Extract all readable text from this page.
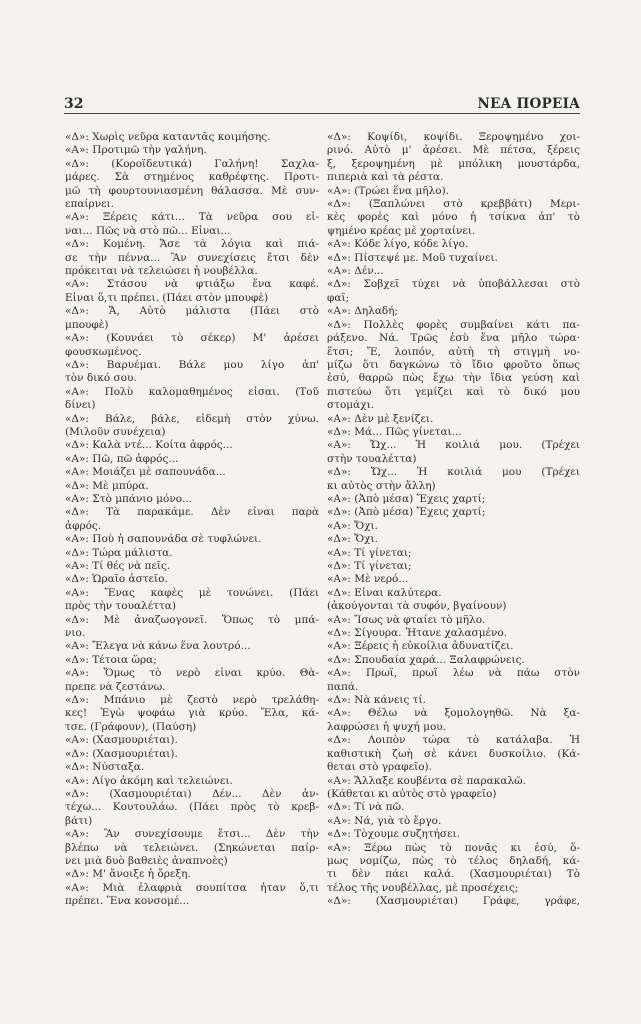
32	ΝΕΑ ΠΟΡΕΙΑ
«Δ»: Χωρὶς νεῦρα καταντᾶς κοιμήσης.
«Α»: Προτιμῶ τὴν γαλήνη.
«Δ»: (Κοροϊδευτικά) Γαλήνη! Σαχλα-
μάρες. Σὰ στημένος καθρέφτης. Προτι-
μῶ τὴ φουρτουνιασμένη θάλασσα. Μὲ συν-
επαίρνει.
«Α»: Ξέρεις κάτι... Τὰ νεῦρα σου εἶ-
ναι... Πῶς νὰ στὸ πῶ... Εἶναι...
«Δ»: Κομένη. Ἄσε τὰ λόγια καὶ πιά-
σε τὴν πέννα... Ἂν συνεχίσεις ἔτσι δὲν
πρόκειται νὰ τελειώσει ἡ νουβέλλα.
«Α»: Στάσου νὰ φτιάξω ἕνα καφέ.
Εἶναι ὅ,τι πρέπει. (Πάει στὸν μπουφὲ)
«Δ»: Ἄ, Αὐτὸ μάλιστα (Πάει στὸ
μπουφὲ)
«Α»: (Κουνάει τὸ σέκερ) Μ' ἀρέσει
φουσκωμένος.
«Δ»: Βαρυέμαι. Βάλε μου λίγο ἀπ'
τὸν δικό σου.
«Α»: Πολὺ καλομαθημένος εἶσαι. (Τοῦ
δίνει)
«Δ»: Βάλε, βάλε, εἰδεμὴ στὸν χύνω.
(Μιλοῦν συνέχεια)
«Δ»: Καλὰ ντέ... Κοίτα ἀφρός...
«Α»: Πῶ, πῶ ἀφρός...
«Α»: Μοιάζει μὲ σαπουνάδα...
«Δ»: Μὲ μπύρα.
«Α»: Στὸ μπάνιο μόνο...
«Δ»: Τὰ παρακάμε. Δὲν εἶναι παρὰ
ἀφρός.
«Α»: Ποὺ ἡ σαπουνάδα σὲ τυφλώνει.
«Δ»: Τώρα μάλιστα.
«Α»: Τί θές νὰ πεῖς.
«Δ»: Ὡραῖο ἀστεῖο.
«Α»: Ἕνας καφὲς μὲ τονώνει. (Πάει
πρὸς τὴν τουαλέττα)
«Δ»: Μὲ ἀναζωογονεῖ. Ὅπως τὸ μπά-
νιο.
«Α»: Ἔλεγα νὰ κάνω ἕνα λουτρό...
«Δ»: Τέτοια ὥρα;
«Α»: Ὅμως τὸ νερὸ εἶναι κρύο. Θὰ-
πρεπε νὰ ζεστάνω.
«Δ»: Μπάνιο μὲ ζεστὸ νερὸ τρελάθη-
κες! Ἐγὼ ψοφάω γιὰ κρύο. Ἔλα, κά-
τσε. (Γράφουν), (Παύση)
«Α»: (Χασμουριέται).
«Δ»: (Χασμουριέται).
«Δ»: Νύσταξα.
«Α»: Λίγο ἀκόμη καὶ τελειώνει.
«Δ»: (Χασμουριέται) Δέν... Δὲν ἀν-
τέχω... Κουτουλάω. (Πάει πρὸς τὸ κρεβ-
βάτι)
«Α»: Ἂν συνεχίσουμε ἔτσι... Δὲν τὴν
βλέπω νὰ τελειώνει. (Σηκώνεται παίρ-
νει μιὰ δυὸ βαθειὲς ἀναπνοὲς)
«Δ»: Μ' ἄνοιξε ἡ ὄρεξη.
«Α»: Μιὰ ἐλαφριὰ σουπίτσα ἦταν ὅ,τι
πρέπει. Ἕνα κονσομέ...
«Δ»: Κοψίδι, κοψίδι. Ξεροψημένο χοι-
ρινό. Αὐτὸ μ' ἀρέσει. Μὲ πέτσα, ξέρεις
ξ, ξεροψημένη μὲ μπόλικη μουστάρδα,
πιπεριὰ καὶ τὰ ρέστα.
«Α»: (Τρώει ἕνα μῆλο).
«Δ»: (Ξαπλώνει στὸ κρεββάτι) Μερι-
κὲς φορὲς καὶ μόνο ἡ τσίκνα ἀπ' τὸ
ψημένο κρέας μὲ χορταίνει.
«Α»: Κόδε λίγο, κόδε λίγο.
«Δ»: Πίστεψέ με. Μοῦ τυχαίνει.
«Α»: Δέν...
«Δ»: Σοβχεῖ τύχει νὰ ὑποβάλλεσαι στὸ
φαΐ;
«Α»: Δηλαδή;
«Δ»: Πολλὲς φορὲς συμβαίνει κάτι πα-
ράξενο. Νά. Τρῶς ἐσὺ ἕνα μῆλο τώρα·
ἔτσι; Ἔ, λοιπόν, αὐτὴ τὴ στιγμὴ νο-
μίζω ὅτι δαγκώνω τὸ ἴδιο φροῦτο ὅπως
ἐσύ, θαρρῶ πὼς ἔχω τὴν ἴδια γεύση καὶ
πιστεύω ὅτι γεμίζει καὶ τὸ δικό μου
στομάχι.
«Α»: Δὲν μὲ ξενίζει.
«Δ»: Μά... Πῶς γίνεται...
«Α»: Ὤχ... Ἡ κοιλιά μου. (Τρέχει
στὴν τουαλέττα)
«Δ»: Ὤχ... Ἡ κοιλιά μου (Τρέχει
κι αὐτὸς στὴν ἄλλη)
«Α»: (Ἀπὸ μέσα) Ἔχεις χαρτί;
«Δ»: (Ἀπὸ μέσα) Ἔχεις χαρτί;
«Α»: Ὄχι.
«Δ»: Ὄχι.
«Α»: Τί γίνεται;
«Δ»: Τί γίνεται;
«Α»: Μὲ νερό...
«Δ»: Εἶναι καλύτερα.
(ἀκούγονται τὰ συφόν, βγαίνουν)
«Α»: Ἴσως νὰ φταίει τὸ μῆλο.
«Δ»: Σίγουρα. Ἦτανε χαλασμένο.
«Α»: Ξέρεις ἡ εὐκοίλια ἀδυνατίζει.
«Δ»: Σπουδαία χαρά... Ξαλαφρώνεις.
«Α»: Πρωΐ, πρωΐ λέω νὰ πάω στὸν
παπά.
«Δ»: Νὰ κάνεις τί.
«Α»: Θέλω νὰ ξομολογηθῶ. Νὰ ξα-
λαφρώσει ἡ ψυχή μου.
«Δ»: Λοιπὸν τώρα τὸ κατάλαβα. Ἡ
καθιστικὴ ζωὴ σὲ κάνει δυσκοίλιο. (Κά-
θεται στὸ γραφεῖο).
«Α»: Ἄλλαξε κουβέντα σὲ παρακαλῶ.
(Κάθεται κι αὐτὸς στὸ γραφεῖο)
«Δ»: Τί νὰ πῶ.
«Α»: Νά, γιὰ τὸ ἔργο.
«Δ»: Τὸχουμε συζητήσει.
«Α»: Ξέρω πὼς τὸ πονᾶς κι ἐσύ, ὅ-
μως νομίζω, πὼς τὸ τέλος δηλαδή, κά-
τι δὲν πάει καλά. (Χασμουριέται) Τὸ
τέλος τῆς νουβέλλας, μὲ προσέχεις;
«Δ»: (Χασμουριέται) Γράφε, γράφε,
